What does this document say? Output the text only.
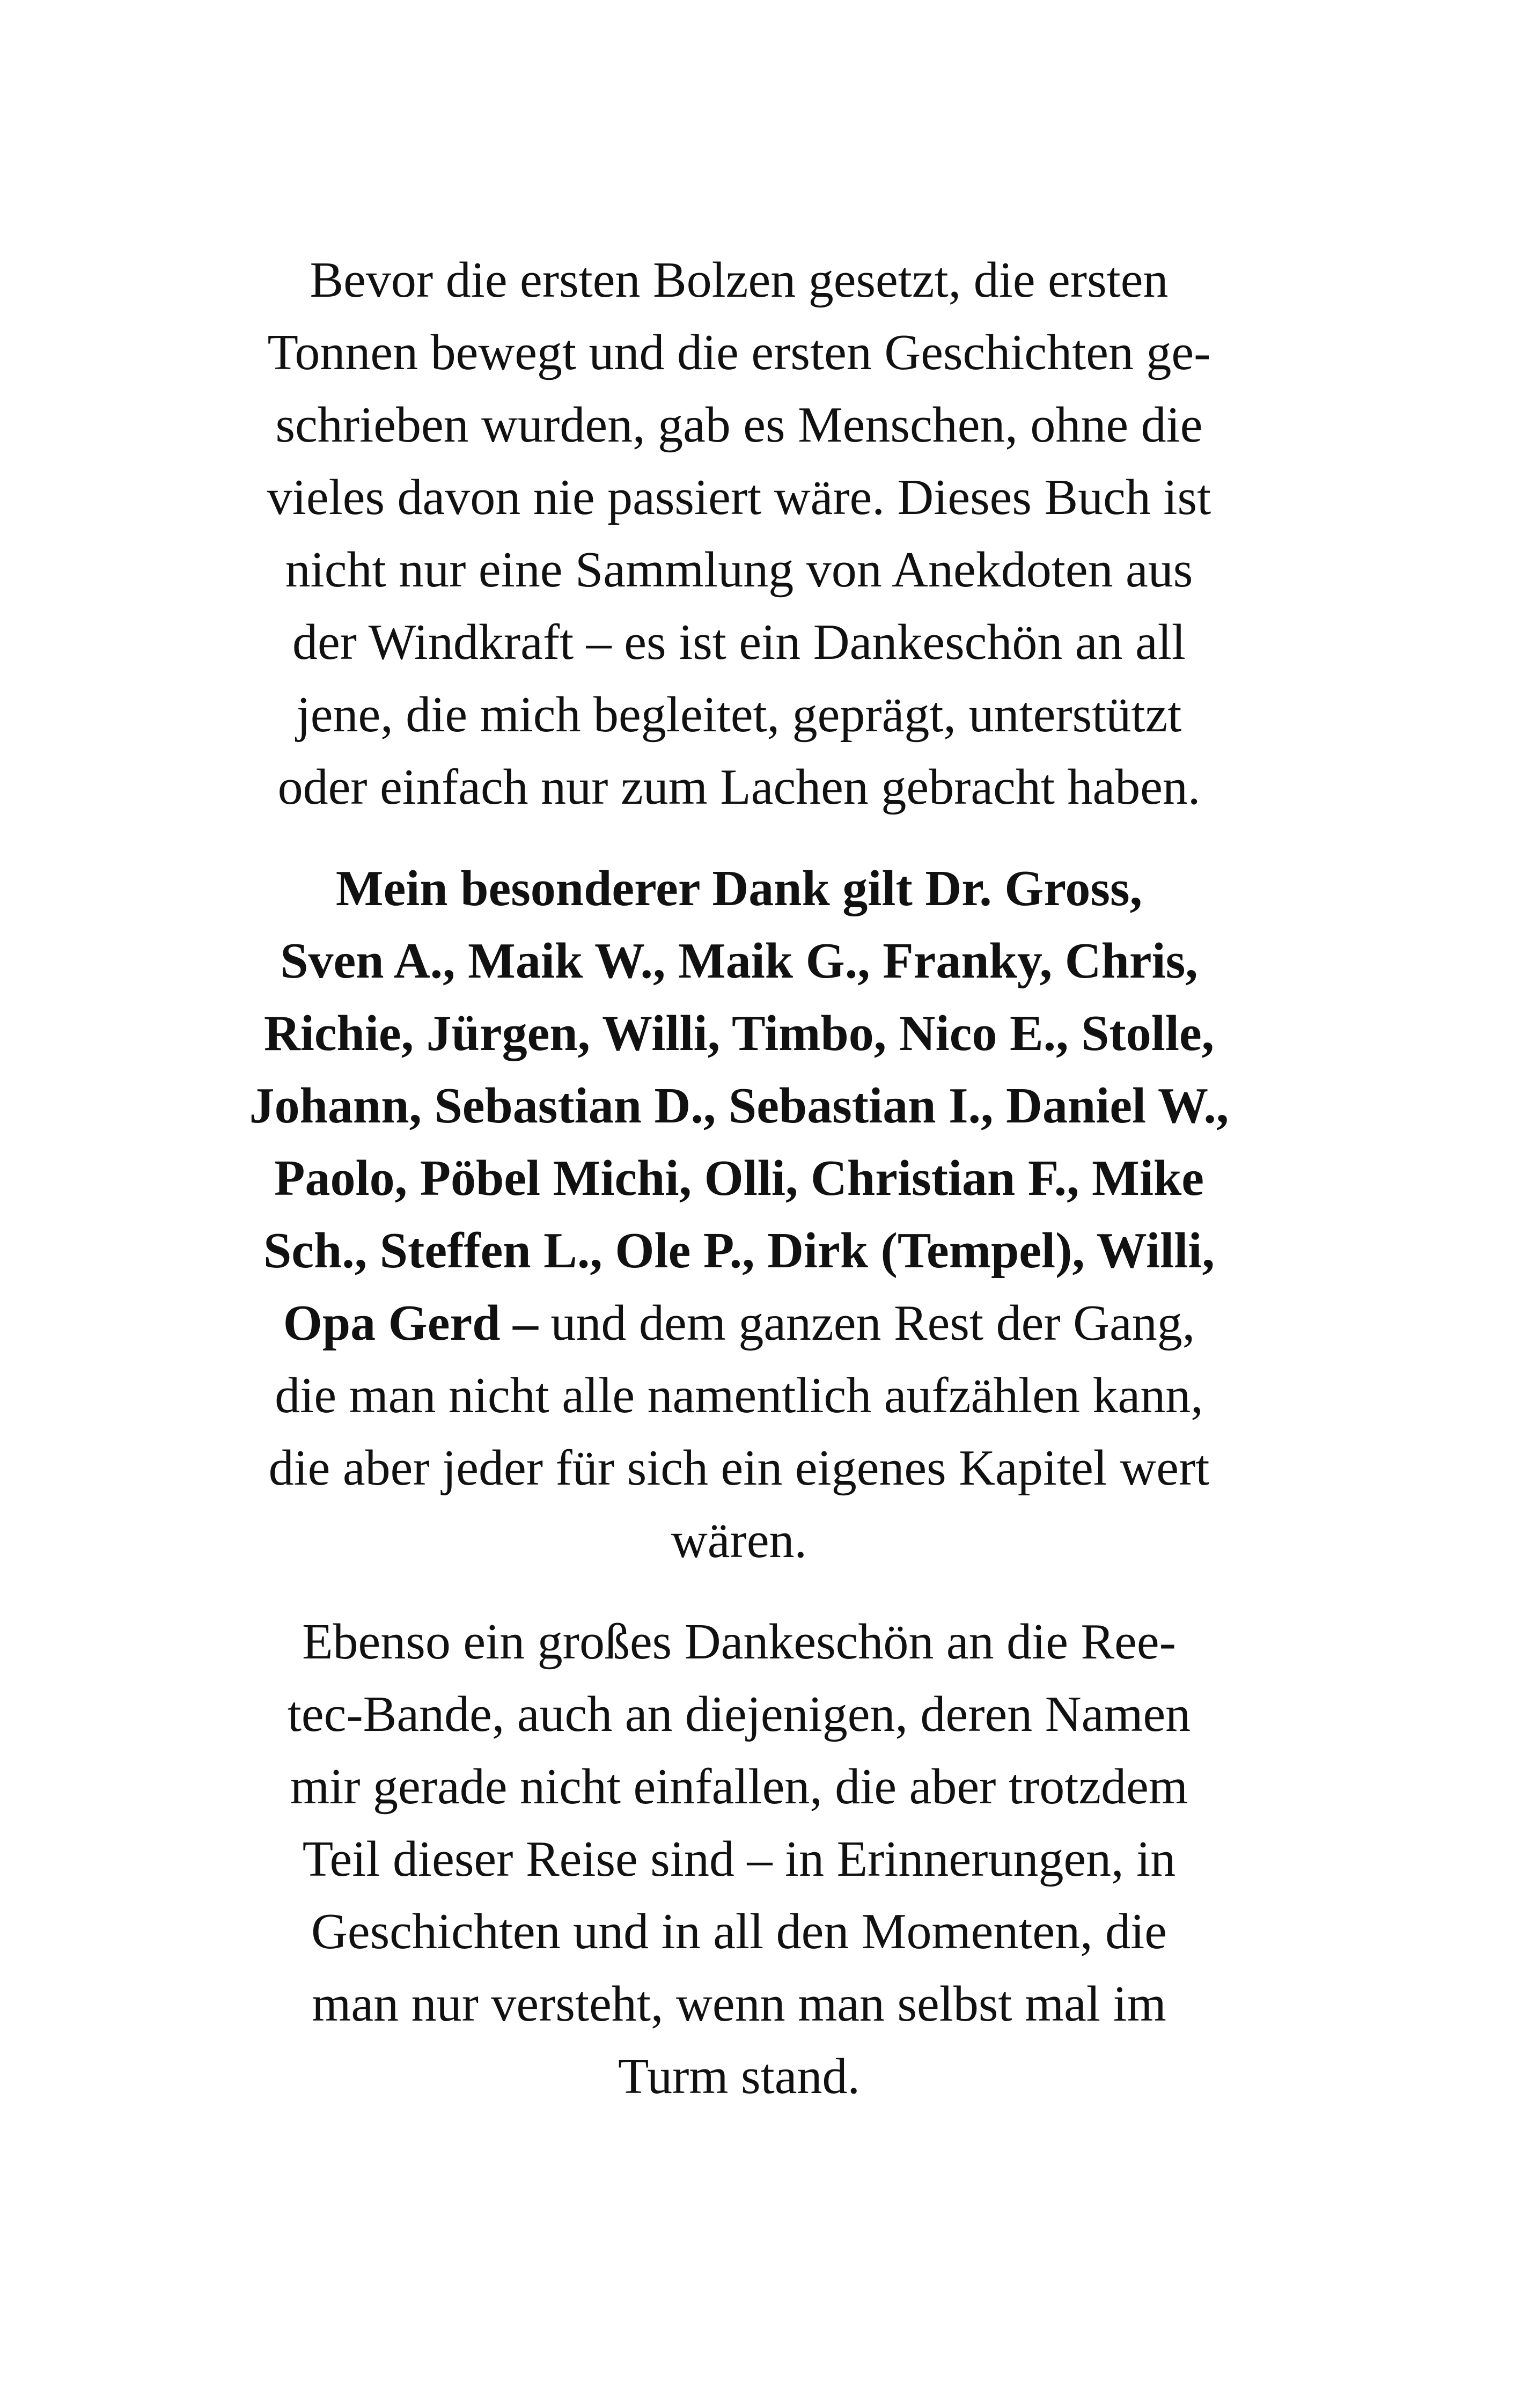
Bevor die ersten Bolzen gesetzt, die ersten
Tonnen bewegt und die ersten Geschichten ge-
schrieben wurden, gab es Menschen, ohne die
vieles davon nie passiert wäre. Dieses Buch ist
nicht nur eine Sammlung von Anekdoten aus
der Windkraft – es ist ein Dankeschön an all
jene, die mich begleitet, geprägt, unterstützt
oder einfach nur zum Lachen gebracht haben.

Mein besonderer Dank gilt Dr. Gross,
Sven A., Maik W., Maik G., Franky, Chris,
Richie, Jürgen, Willi, Timbo, Nico E., Stolle,
Johann, Sebastian D., Sebastian I., Daniel W.,
Paolo, Pöbel Michi, Olli, Christian F., Mike
Sch., Steffen L., Ole P., Dirk (Tempel), Willi,
Opa Gerd – und dem ganzen Rest der Gang,
die man nicht alle namentlich aufzählen kann,
die aber jeder für sich ein eigenes Kapitel wert
wären.

Ebenso ein großes Dankeschön an die Ree-
tec-Bande, auch an diejenigen, deren Namen
mir gerade nicht einfallen, die aber trotzdem
Teil dieser Reise sind – in Erinnerungen, in
Geschichten und in all den Momenten, die
man nur versteht, wenn man selbst mal im
Turm stand.
